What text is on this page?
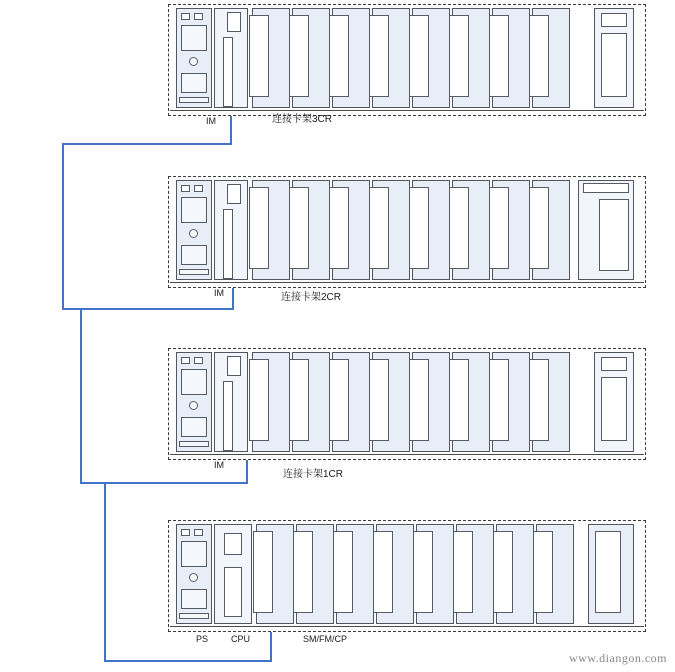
IM	连接卡架3CR
IM	连接卡架2CR
IM
连接卡架1CR
PS	CPU	SM/FM/CP
www.diangon.com
